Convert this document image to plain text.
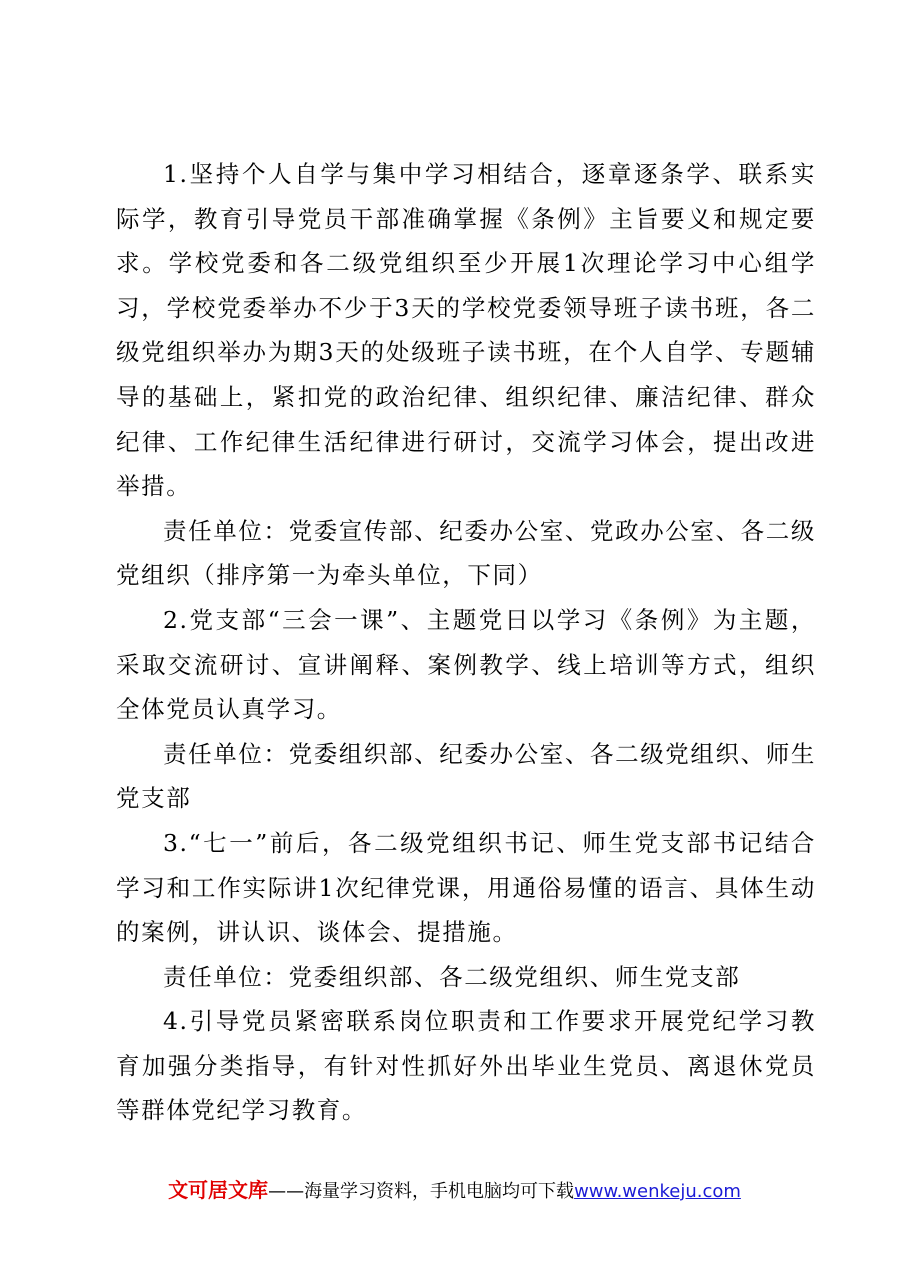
1.坚持个人自学与集中学习相结合，逐章逐条学、联系实际学，教育引导党员干部准确掌握《条例》主旨要义和规定要求。学校党委和各二级党组织至少开展1次理论学习中心组学习，学校党委举办不少于3天的学校党委领导班子读书班，各二级党组织举办为期3天的处级班子读书班，在个人自学、专题辅导的基础上，紧扣党的政治纪律、组织纪律、廉洁纪律、群众纪律、工作纪律生活纪律进行研讨，交流学习体会，提出改进举措。

责任单位：党委宣传部、纪委办公室、党政办公室、各二级党组织（排序第一为牵头单位，下同）

2.党支部“三会一课”、主题党日以学习《条例》为主题，采取交流研讨、宣讲阐释、案例教学、线上培训等方式，组织全体党员认真学习。

责任单位：党委组织部、纪委办公室、各二级党组织、师生党支部

3.“七一”前后，各二级党组织书记、师生党支部书记结合学习和工作实际讲1次纪律党课，用通俗易懂的语言、具体生动的案例，讲认识、谈体会、提措施。

责任单位：党委组织部、各二级党组织、师生党支部

4.引导党员紧密联系岗位职责和工作要求开展党纪学习教育加强分类指导，有针对性抓好外出毕业生党员、离退休党员等群体党纪学习教育。

文可居文库——海量学习资料，手机电脑均可下载www.wenkeju.com
